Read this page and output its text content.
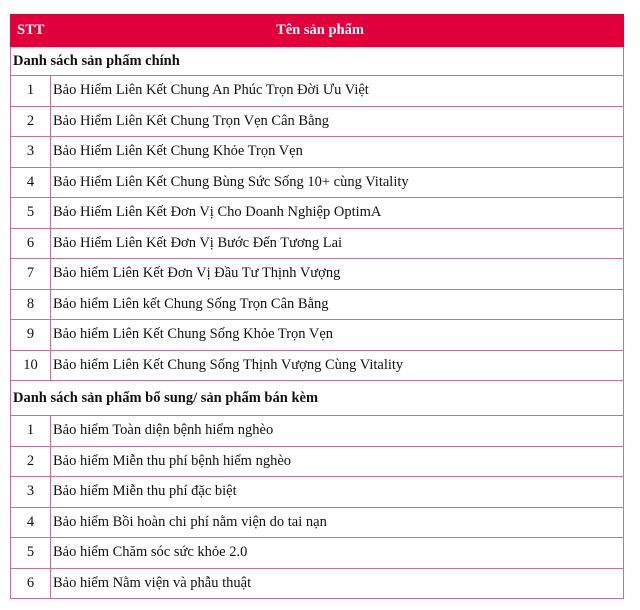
STT	Tên sản phẩm
Danh sách sản phẩm chính	
1	Bảo Hiểm Liên Kết Chung An Phúc Trọn Đời Ưu Việt
2	Bảo Hiểm Liên Kết Chung Trọn Vẹn Cân Bằng
3	Bảo Hiểm Liên Kết Chung Khỏe Trọn Vẹn
4	Bảo Hiểm Liên Kết Chung Bùng Sức Sống 10+ cùng Vitality
5	Bảo Hiểm Liên Kết Đơn Vị Cho Doanh Nghiệp OptimA
6	Bảo Hiểm Liên Kết Đơn Vị Bước Đến Tương Lai
7	Bảo hiểm Liên Kết Đơn Vị Đầu Tư Thịnh Vượng
8	Bảo hiểm Liên kết Chung Sống Trọn Cân Bằng
9	Bảo hiểm Liên Kết Chung Sống Khỏe Trọn Vẹn
10	Bảo hiểm Liên Kết Chung Sống Thịnh Vượng Cùng Vitality
Danh sách sản phẩm bổ sung/ sản phẩm bán kèm	
1	Bảo hiểm Toàn diện bệnh hiểm nghèo
2	Bảo hiểm Miễn thu phí bệnh hiểm nghèo
3	Bảo hiểm Miễn thu phí đặc biệt
4	Bảo hiểm Bồi hoàn chi phí nằm viện do tai nạn
5	Bảo hiểm Chăm sóc sức khỏe 2.0
6	Bảo hiểm Nằm viện và phẫu thuật
